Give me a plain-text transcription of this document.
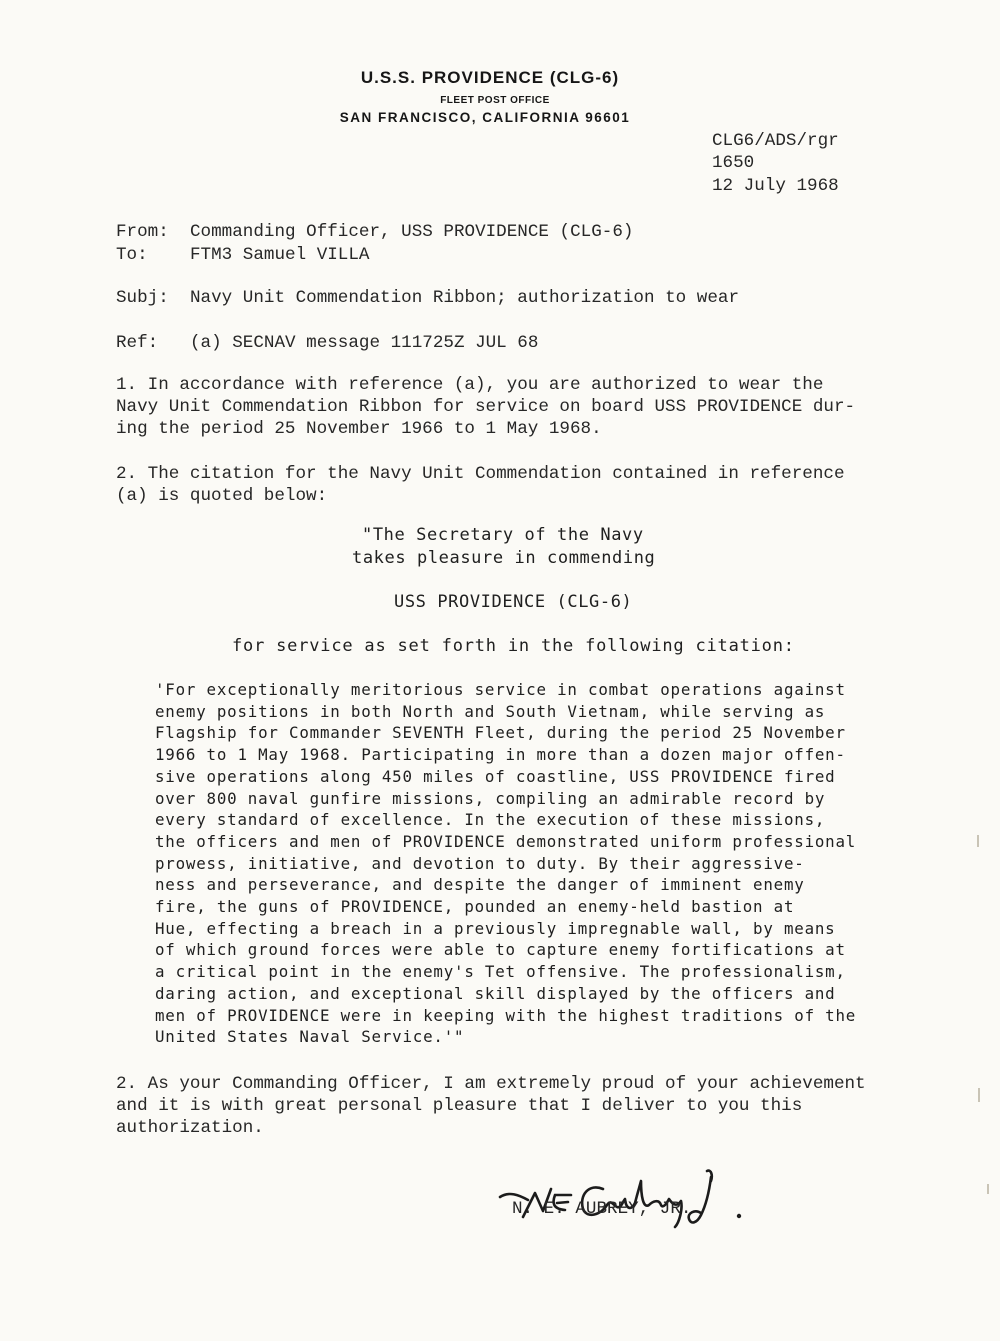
U.S.S. PROVIDENCE (CLG-6)
FLEET POST OFFICE
SAN FRANCISCO, CALIFORNIA 96601
CLG6/ADS/rgr
1650
12 July 1968
From: Commanding Officer, USS PROVIDENCE (CLG-6)
To: FTM3 Samuel VILLA
Subj: Navy Unit Commendation Ribbon; authorization to wear
Ref: (a) SECNAV message 111725Z JUL 68
1. In accordance with reference (a), you are authorized to wear the
Navy Unit Commendation Ribbon for service on board USS PROVIDENCE dur-
ing the period 25 November 1966 to 1 May 1968.
2. The citation for the Navy Unit Commendation contained in reference
(a) is quoted below:
"The Secretary of the Navy
takes pleasure in commending
USS PROVIDENCE (CLG-6)
for service as set forth in the following citation:
'For exceptionally meritorious service in combat operations against
enemy positions in both North and South Vietnam, while serving as
Flagship for Commander SEVENTH Fleet, during the period 25 November
1966 to 1 May 1968. Participating in more than a dozen major offen-
sive operations along 450 miles of coastline, USS PROVIDENCE fired
over 800 naval gunfire missions, compiling an admirable record by
every standard of excellence. In the execution of these missions,
the officers and men of PROVIDENCE demonstrated uniform professional
prowess, initiative, and devotion to duty. By their aggressive-
ness and perseverance, and despite the danger of imminent enemy
fire, the guns of PROVIDENCE, pounded an enemy-held bastion at
Hue, effecting a breach in a previously impregnable wall, by means
of which ground forces were able to capture enemy fortifications at
a critical point in the enemy's Tet offensive. The professionalism,
daring action, and exceptional skill displayed by the officers and
men of PROVIDENCE were in keeping with the highest traditions of the
United States Naval Service.'"
2. As your Commanding Officer, I am extremely proud of your achievement
and it is with great personal pleasure that I deliver to you this
authorization.
N. E. AUBREY, JR.
